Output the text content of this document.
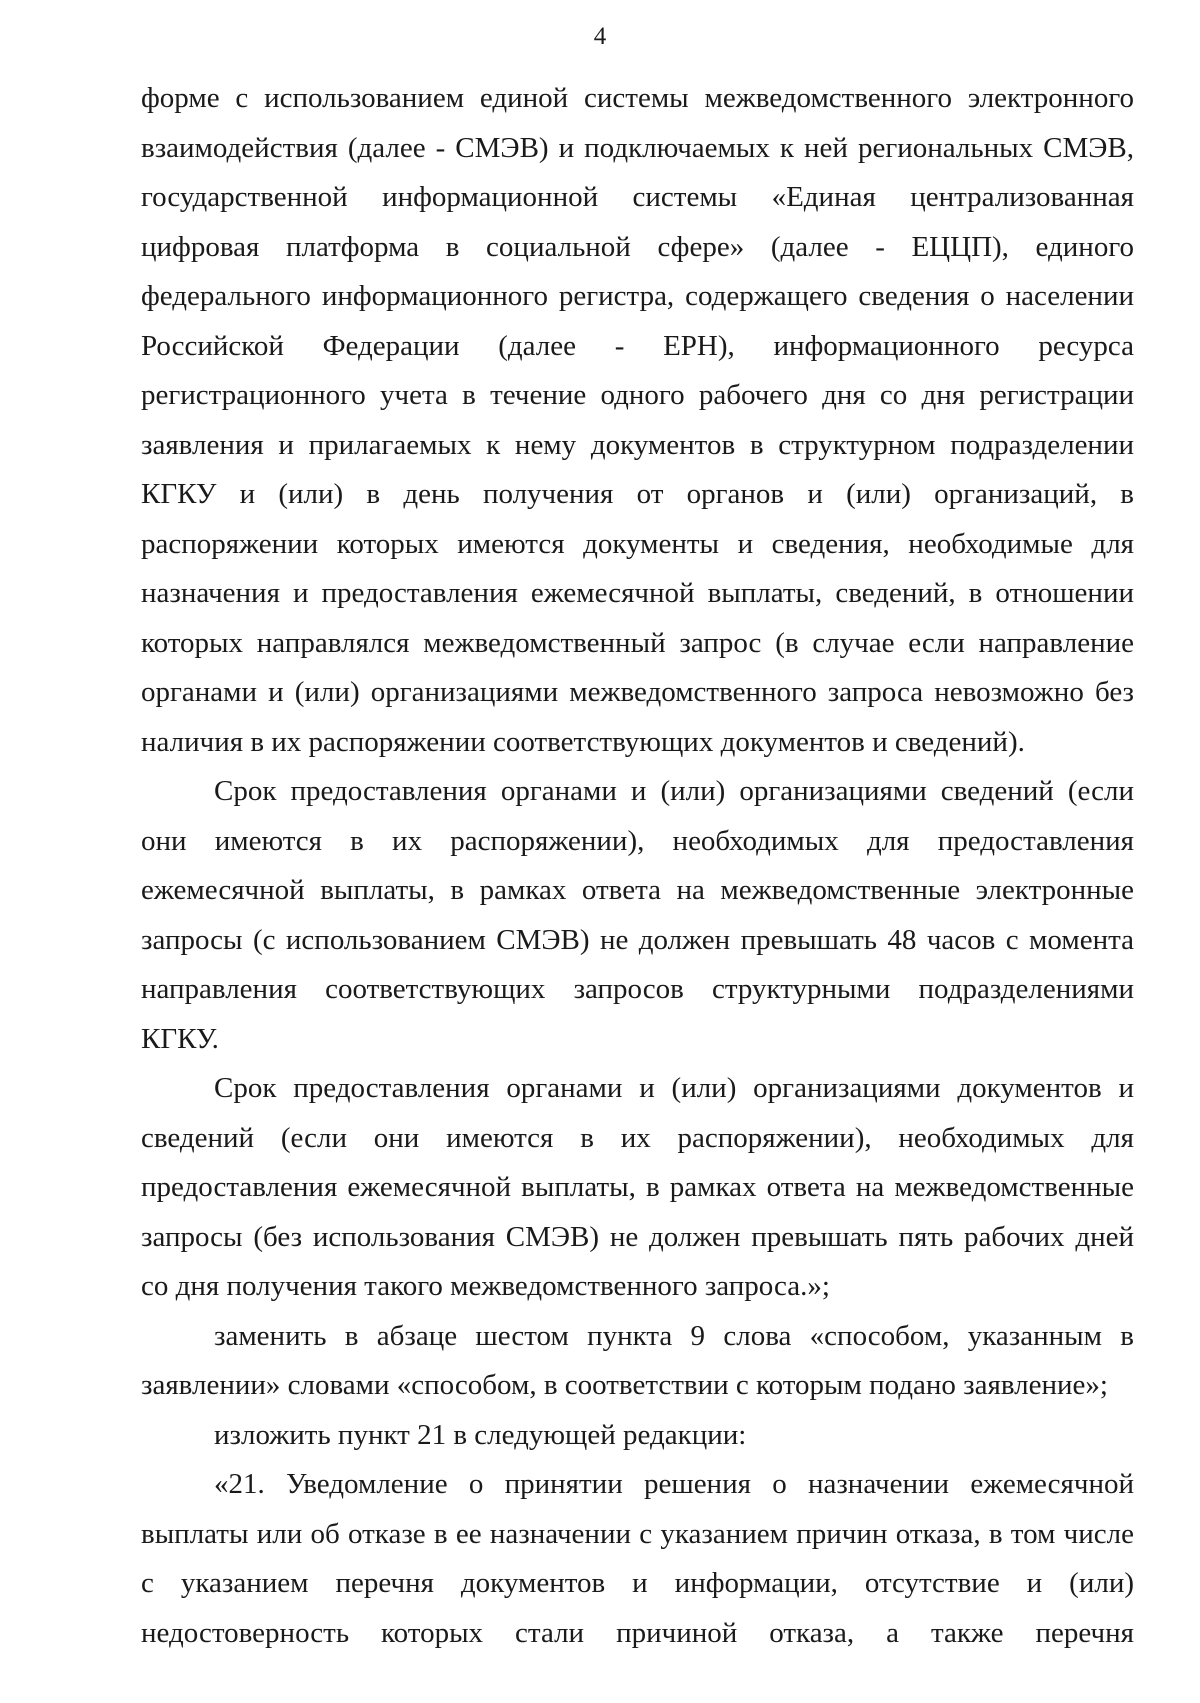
4

форме с использованием единой системы межведомственного электронного взаимодействия (далее - СМЭВ) и подключаемых к ней региональных СМЭВ, государственной информационной системы «Единая централизованная цифровая платформа в социальной сфере» (далее - ЕЦЦП), единого федерального информационного регистра, содержащего сведения о населении Российской Федерации (далее - ЕРН), информационного ресурса регистрационного учета в течение одного рабочего дня со дня регистрации заявления и прилагаемых к нему документов в структурном подразделении КГКУ и (или) в день получения от органов и (или) организаций, в распоряжении которых имеются документы и сведения, необходимые для назначения и предоставления ежемесячной выплаты, сведений, в отношении которых направлялся межведомственный запрос (в случае если направление органами и (или) организациями межведомственного запроса невозможно без наличия в их распоряжении соответствующих документов и сведений).

Срок предоставления органами и (или) организациями сведений (если они имеются в их распоряжении), необходимых для предоставления ежемесячной выплаты, в рамках ответа на межведомственные электронные запросы (с использованием СМЭВ) не должен превышать 48 часов с момента направления соответствующих запросов структурными подразделениями КГКУ.

Срок предоставления органами и (или) организациями документов и сведений (если они имеются в их распоряжении), необходимых для предоставления ежемесячной выплаты, в рамках ответа на межведомственные запросы (без использования СМЭВ) не должен превышать пять рабочих дней со дня получения такого межведомственного запроса.»;

заменить в абзаце шестом пункта 9 слова «способом, указанным в заявлении» словами «способом, в соответствии с которым подано заявление»;

изложить пункт 21 в следующей редакции:

«21. Уведомление о принятии решения о назначении ежемесячной выплаты или об отказе в ее назначении с указанием причин отказа, в том числе с указанием перечня документов и информации, отсутствие и (или) недостоверность которых стали причиной отказа, а также перечня
